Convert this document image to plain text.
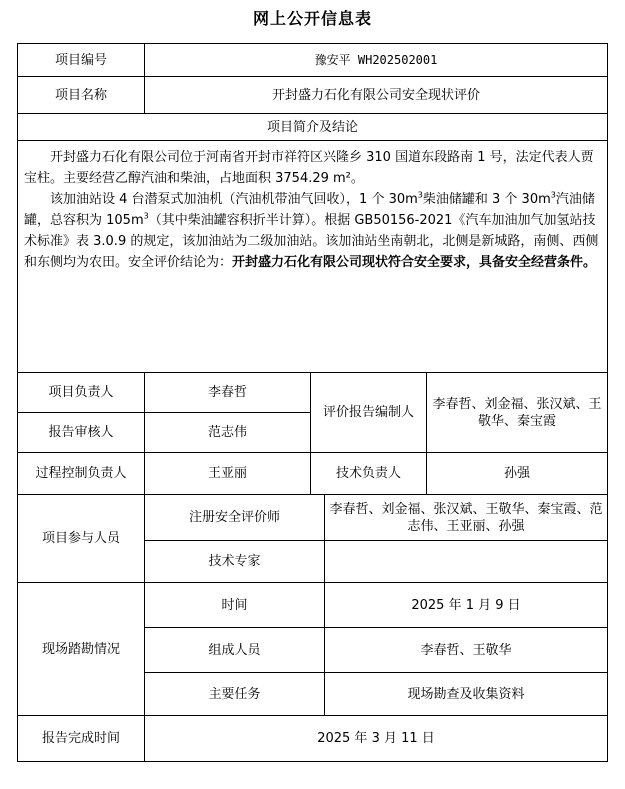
网上公开信息表
项目编号	豫安平 WH202502001			
项目名称	开封盛力石化有限公司安全现状评价			
项目简介及结论				

开封盛力石化有限公司位于河南省开封市祥符区兴隆乡 310 国道东段路南 1 号，法定代表人贾宝柱。主要经营乙醇汽油和柴油，占地面积 3754.29 m²。

该加油站设 4 台潜泵式加油机（汽油机带油气回收），1 个 $30m^3$柴油储罐和 3 个 $30m^3$汽油储罐，总容积为 $105m^3$（其中柴油罐容积折半计算）。根据 GB50156-2021《汽车加油加气加氢站技术标准》表 3.0.9 的规定，该加油站为二级加油站。该加油站坐南朝北，北侧是新城路，南侧、西侧和东侧均为农田。安全评价结论为：开封盛力石化有限公司现状符合安全要求，具备安全经营条件。				

项目负责人	李春哲	评价报告编制人		李春哲、刘金福、张汉斌、王敬华、秦宝霞
报告审核人	范志伟			
过程控制负责人	王亚丽	技术负责人		孙强
项目参与人员	注册安全评价师		李春哲、刘金福、张汉斌、王敬华、秦宝霞、范志伟、王亚丽、孙强	
	技术专家			
现场踏勘情况	时间		2025 年 1 月 9 日	
	组成人员		李春哲、王敬华	
	主要任务		现场勘查及收集资料	
报告完成时间	2025 年 3 月 11 日			
